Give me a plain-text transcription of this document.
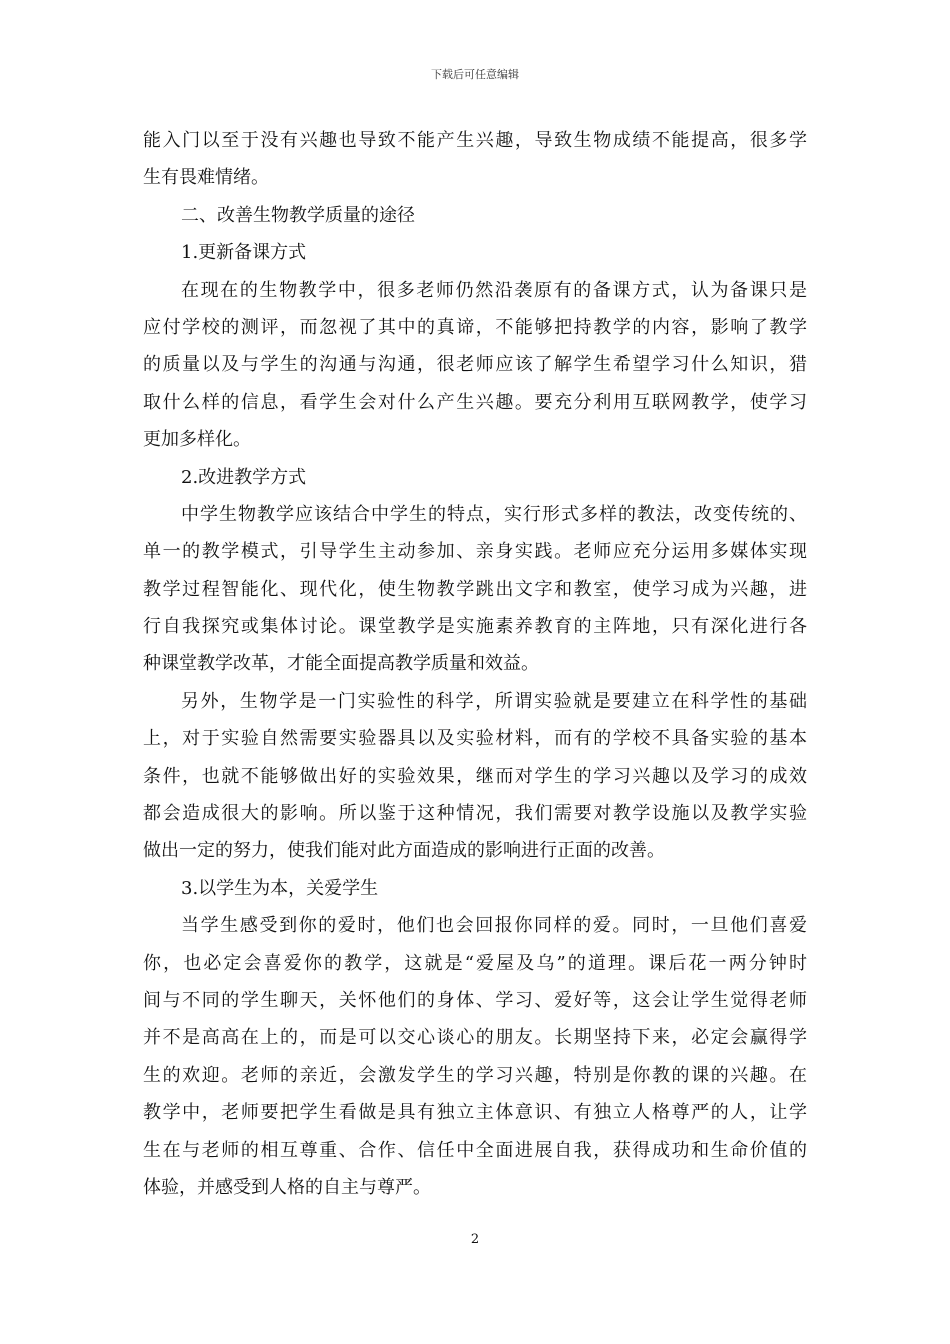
下载后可任意编辑
能入门以至于没有兴趣也导致不能产生兴趣，导致生物成绩不能提高，很多学
生有畏难情绪。
二、改善生物教学质量的途径
1.更新备课方式
在现在的生物教学中，很多老师仍然沿袭原有的备课方式，认为备课只是
应付学校的测评，而忽视了其中的真谛，不能够把持教学的内容，影响了教学
的质量以及与学生的沟通与沟通，很老师应该了解学生希望学习什么知识，猎
取什么样的信息，看学生会对什么产生兴趣。要充分利用互联网教学，使学习
更加多样化。
2.改进教学方式
中学生物教学应该结合中学生的特点，实行形式多样的教法，改变传统的、
单一的教学模式，引导学生主动参加、亲身实践。老师应充分运用多媒体实现
教学过程智能化、现代化，使生物教学跳出文字和教室，使学习成为兴趣，进
行自我探究或集体讨论。课堂教学是实施素养教育的主阵地，只有深化进行各
种课堂教学改革，才能全面提高教学质量和效益。
另外，生物学是一门实验性的科学，所谓实验就是要建立在科学性的基础
上，对于实验自然需要实验器具以及实验材料，而有的学校不具备实验的基本
条件，也就不能够做出好的实验效果，继而对学生的学习兴趣以及学习的成效
都会造成很大的影响。所以鉴于这种情况，我们需要对教学设施以及教学实验
做出一定的努力，使我们能对此方面造成的影响进行正面的改善。
3.以学生为本，关爱学生
当学生感受到你的爱时，他们也会回报你同样的爱。同时，一旦他们喜爱
你，也必定会喜爱你的教学，这就是“爱屋及乌”的道理。课后花一两分钟时
间与不同的学生聊天，关怀他们的身体、学习、爱好等，这会让学生觉得老师
并不是高高在上的，而是可以交心谈心的朋友。长期坚持下来，必定会赢得学
生的欢迎。老师的亲近，会激发学生的学习兴趣，特别是你教的课的兴趣。在
教学中，老师要把学生看做是具有独立主体意识、有独立人格尊严的人，让学
生在与老师的相互尊重、合作、信任中全面进展自我，获得成功和生命价值的
体验，并感受到人格的自主与尊严。
2
